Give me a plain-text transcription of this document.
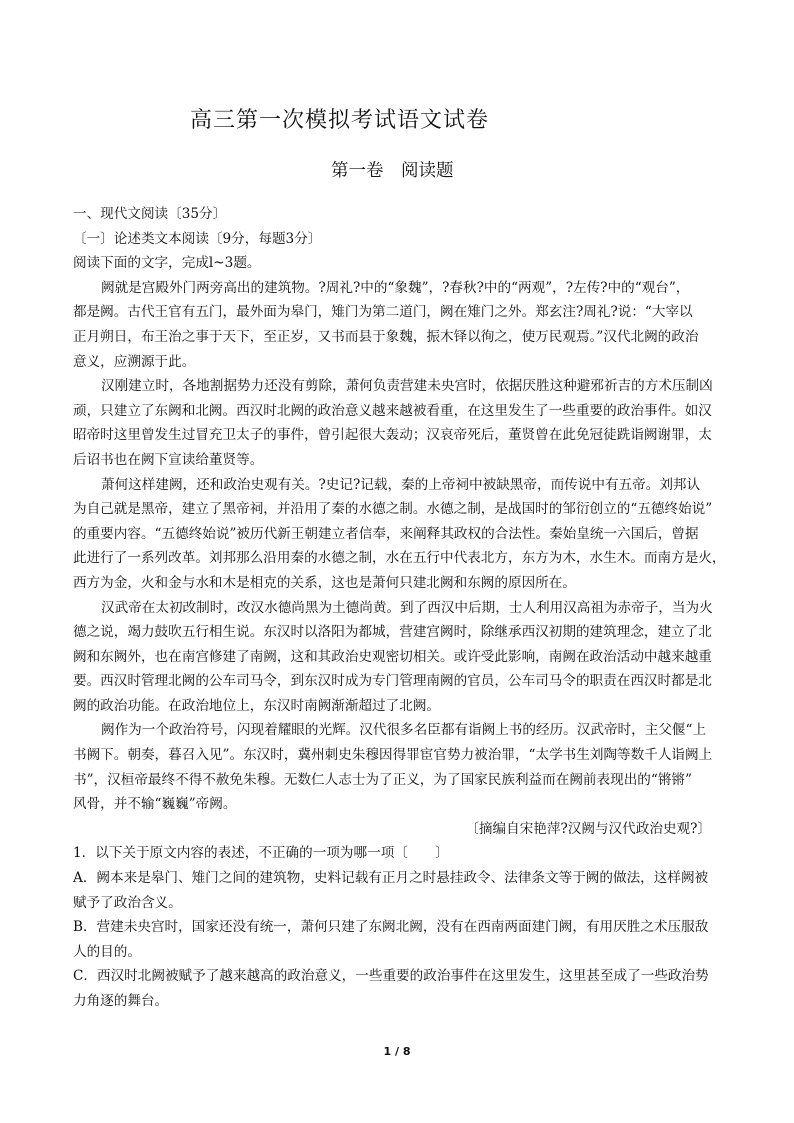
高三第一次模拟考试语文试卷
第一卷　阅读题
一、现代文阅读〔35分〕
〔一〕论述类文本阅读〔9分，每题3分〕
阅读下面的文字，完成l~3题。
阙就是宫殿外门两旁高出的建筑物。?周礼?中的“象魏”，?春秋?中的“两观”，?左传?中的“观台”，
都是阙。古代王官有五门，最外面为皋门，雉门为第二道门，阙在雉门之外。郑玄注?周礼?说：“大宰以
正月朔日，布王治之事于天下，至正岁，又书而县于象魏，振木铎以徇之，使万民观焉。”汉代北阙的政治
意义，应溯源于此。
汉刚建立时，各地割据势力还没有剪除，萧何负责营建未央宫时，依据厌胜这种避邪祈吉的方术压制凶
顽，只建立了东阙和北阙。西汉时北阙的政治意义越来越被看重，在这里发生了一些重要的政治事件。如汉
昭帝时这里曾发生过冒充卫太子的事件，曾引起很大轰动；汉哀帝死后，董贤曾在此免冠徒跣诣阙谢罪，太
后诏书也在阙下宣读给董贤等。
萧何这样建阙，还和政治史观有关。?史记?记载，秦的上帝祠中被缺黑帝，而传说中有五帝。刘邦认
为自己就是黑帝，建立了黑帝祠，并沿用了秦的水德之制。水德之制，是战国时的邹衍创立的“五德终始说”
的重要内容。“五德终始说”被历代新王朝建立者信奉，来阐释其政权的合法性。秦始皇统一六国后，曾据
此进行了一系列改革。刘邦那么沿用秦的水德之制，水在五行中代表北方，东方为木，水生木。而南方是火，
西方为金，火和金与水和木是相克的关系，这也是萧何只建北阙和东阙的原因所在。
汉武帝在太初改制时，改汉水德尚黑为土德尚黄。到了西汉中后期，士人利用汉高祖为赤帝子，当为火
德之说，竭力鼓吹五行相生说。东汉时以洛阳为都城，营建宫阙时，除继承西汉初期的建筑理念，建立了北
阙和东阙外，也在南宫修建了南阙，这和其政治史观密切相关。或许受此影响，南阙在政治活动中越来越重
要。西汉时管理北阙的公车司马令，到东汉时成为专门管理南阙的官员，公车司马令的职责在西汉时都是北
阙的政治功能。在政治地位上，东汉时南阙渐渐超过了北阙。
阙作为一个政治符号，闪现着耀眼的光辉。汉代很多名臣都有诣阙上书的经历。汉武帝时，主父偃“上
书阙下。朝奏，暮召入见”。东汉时，冀州刺史朱穆因得罪宦官势力被治罪，“太学书生刘陶等数千人诣阙上
书”，汉桓帝最终不得不赦免朱穆。无数仁人志士为了正义，为了国家民族利益而在阙前表现出的“锵锵”
风骨，并不输“巍巍”帝阙。
〔摘编自宋艳萍?汉阙与汉代政治史观?〕
1．以下关于原文内容的表述，不正确的一项为哪一项〔　　〕
A．阙本来是皋门、雉门之间的建筑物，史料记载有正月之时悬挂政令、法律条文等于阙的做法，这样阙被
赋予了政治含义。
B．营建未央宫时，国家还没有统一，萧何只建了东阙北阙，没有在西南两面建门阙，有用厌胜之术压服敌
人的目的。
C．西汉时北阙被赋予了越来越高的政治意义，一些重要的政治事件在这里发生，这里甚至成了一些政治势
力角逐的舞台。
1 / 8
